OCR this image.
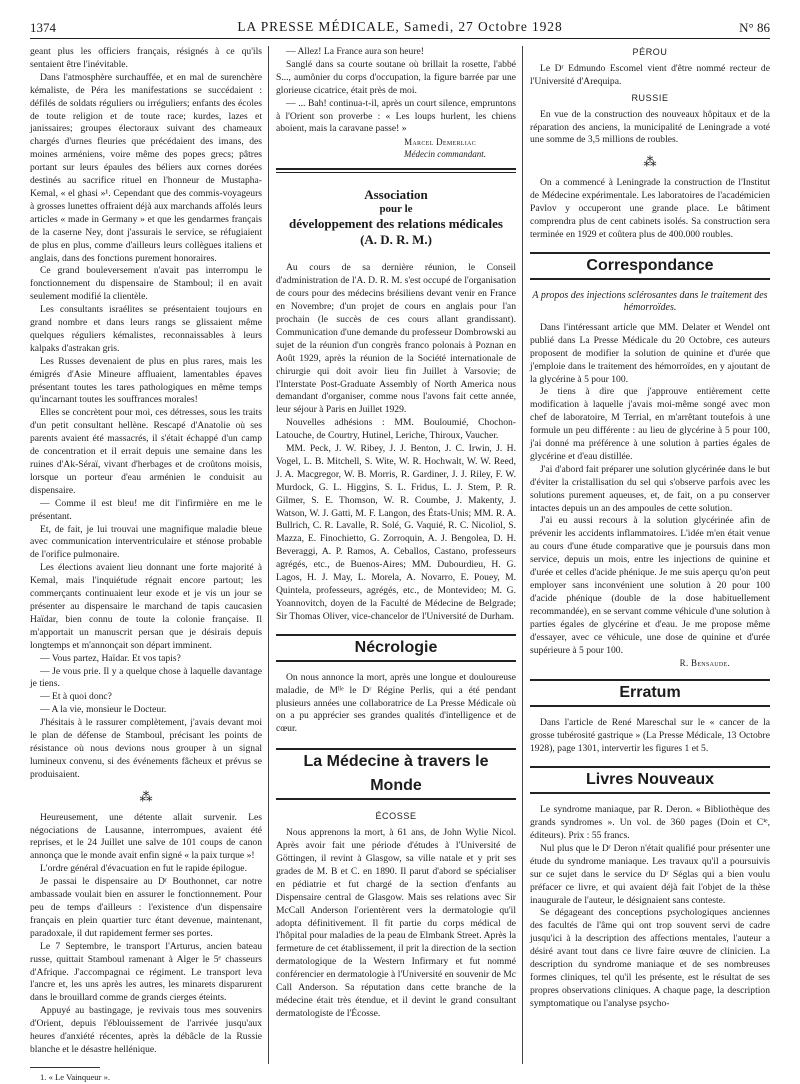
1374	LA PRESSE MÉDICALE, Samedi, 27 Octobre 1928	N° 86

geant plus les officiers français, résignés à ce qu'ils sentaient être l'inévitable.

Dans l'atmosphère surchauffée, et en mal de surenchère kémaliste, de Péra les manifestations se succédaient : défilés de soldats réguliers ou irréguliers; enfants des écoles de toute religion et de toute race; kurdes, lazes et janissaires; groupes électoraux suivant des chameaux chargés d'urnes fleuries que précédaient des imans, des moines arméniens, voire même des popes grecs; pâtres portant sur leurs épaules des béliers aux cornes dorées destinés au sacrifice rituel en l'honneur de Mustapha-Kemal, « el ghasi »¹. Cependant que des commis-voyageurs à grosses lunettes offraient déjà aux marchands affolés leurs articles « made in Germany » et que les gendarmes français de la caserne Ney, dont j'assurais le service, se réfugiaient de plus en plus, comme d'ailleurs leurs collègues italiens et anglais, dans des fonctions purement honoraires.

Ce grand bouleversement n'avait pas interrompu le fonctionnement du dispensaire de Stamboul; il en avait seulement modifié la clientèle.

Les consultants israélites se présentaient toujours en grand nombre et dans leurs rangs se glissaient même quelques réguliers kémalistes, reconnaissables à leurs kalpaks d'astrakan gris.

Les Russes devenaient de plus en plus rares, mais les émigrés d'Asie Mineure affluaient, lamentables épaves présentant toutes les tares pathologiques en même temps qu'incarnant toutes les souffrances morales!

Elles se concrètent pour moi, ces détresses, sous les traits d'un petit consultant hellène. Rescapé d'Anatolie où ses parents avaient été massacrés, il s'était échappé d'un camp de concentration et il errait depuis une semaine dans les ruines d'Ak-Séraï, vivant d'herbages et de croûtons moisis, lorsque un porteur d'eau arménien le conduisit au dispensaire.

— Comme il est bleu! me dit l'infirmière en me le présentant.

Et, de fait, je lui trouvai une magnifique maladie bleue avec communication interventriculaire et sténose probable de l'orifice pulmonaire.

Les élections avaient lieu donnant une forte majorité à Kemal, mais l'inquiétude régnait encore partout; les commerçants continuaient leur exode et je vis un jour se présenter au dispensaire le marchand de tapis caucasien Haïdar, bien connu de toute la colonie française. Il m'apportait un manuscrit persan que je désirais depuis longtemps et m'annonçait son départ imminent.

— Vous partez, Haïdar. Et vos tapis?

— Je vous prie. Il y a quelque chose à laquelle davantage je tiens.

— Et à quoi donc?

— A la vie, monsieur le Docteur.

J'hésitais à le rassurer complètement, j'avais devant moi le plan de défense de Stamboul, précisant les points de résistance où nous devions nous grouper à un signal lumineux convenu, si des événements fâcheux et prévus se produisaient.

⁂

Heureusement, une détente allait survenir. Les négociations de Lausanne, interrompues, avaient été reprises, et le 24 Juillet une salve de 101 coups de canon annonça que le monde avait enfin signé « la paix turque »!

L'ordre général d'évacuation en fut le rapide épilogue.

Je passai le dispensaire au Dʳ Bouthonnet, car notre ambassade voulait bien en assurer le fonctionnement. Pour peu de temps d'ailleurs : l'existence d'un dispensaire français en plein quartier turc étant devenue, maintenant, paradoxale, il dut rapidement fermer ses portes.

Le 7 Septembre, le transport l'Arturus, ancien bateau russe, quittait Stamboul ramenant à Alger le 5ᵉ chasseurs d'Afrique. J'accompagnai ce régiment. Le transport leva l'ancre et, les uns après les autres, les minarets disparurent dans le brouillard comme de grands cierges éteints.

Appuyé au bastingage, je revivais tous mes souvenirs d'Orient, depuis l'éblouissement de l'arrivée jusqu'aux heures d'anxiété récentes, après la débâcle de la Russie blanche et le désastre hellénique.

1. « Le Vainqueur ».

— Allez! La France aura son heure!

Sanglé dans sa courte soutane où brillait la rosette, l'abbé S..., aumônier du corps d'occupation, la figure barrée par une glorieuse cicatrice, était près de moi.

— ... Bah! continua-t-il, après un court silence, empruntons à l'Orient son proverbe : « Les loups hurlent, les chiens aboient, mais la caravane passe! »

Marcel Demerliac
Médecin commandant.
Association
pour le
développement des relations médicales
(A. D. R. M.)

Au cours de sa dernière réunion, le Conseil d'administration de l'A. D. R. M. s'est occupé de l'organisation de cours pour des médecins brésiliens devant venir en France en Novembre; d'un projet de cours en anglais pour l'an prochain (le succès de ces cours allant grandissant). Communication d'une demande du professeur Dombrowski au sujet de la réunion d'un congrès franco polonais à Poznan en Août 1929, après la réunion de la Société internationale de chirurgie qui doit avoir lieu fin Juillet à Varsovie; de l'Interstate Post-Graduate Assembly of North America nous demandant d'organiser, comme nous l'avons fait cette année, leur séjour à Paris en Juillet 1929.

Nouvelles adhésions : MM. Bouloumié, Chochon-Latouche, de Courtry, Hutinel, Leriche, Thiroux, Vaucher.

MM. Peck, J. W. Ribey, J. J. Benton, J. C. Irwin, J. H. Vogel, L. B. Mitchell, S. Wite, W. R. Hochwalt, W. W. Reed, J. A. Macgregor, W. B. Morris, R. Gardiner, J. J. Riley, F. W. Murdock, G. L. Higgins, S. L. Fridus, L. J. Stem, P. R. Gilmer, S. E. Thomson, W. R. Coumbe, J. Makenty, J. Watson, W. J. Gatti, M. F. Langon, des États-Unis; MM. R. A. Bullrich, C. R. Lavalle, R. Solé, G. Vaquié, R. C. Nicoliol, S. Mazza, E. Finochietto, G. Zorroquin, A. J. Bengolea, D. H. Beveraggi, A. P. Ramos, A. Ceballos, Castano, professeurs agrégés, etc., de Buenos-Aires; MM. Dubourdieu, H. G. Lagos, H. J. May, L. Morela, A. Novarro, E. Pouey, M. Quintela, professeurs, agrégés, etc., de Montevideo; M. G. Yoannovitch, doyen de la Faculté de Médecine de Belgrade; Sir Thomas Oliver, vice-chancelor de l'Université de Durham.

Nécrologie

On nous annonce la mort, après une longue et douloureuse maladie, de Mˡˡᵉ le Dʳ Régine Perlis, qui a été pendant plusieurs années une collaboratrice de La Presse Médicale où on a pu apprécier ses grandes qualités d'intelligence et de cœur.

La Médecine à travers le Monde
ÉCOSSE

Nous apprenons la mort, à 61 ans, de John Wylie Nicol. Après avoir fait une période d'études à l'Université de Göttingen, il revint à Glasgow, sa ville natale et y prit ses grades de M. B et C. en 1890. Il parut d'abord se spécialiser en pédiatrie et fut chargé de la section d'enfants au Dispensaire central de Glasgow. Mais ses relations avec Sir McCall Anderson l'orientèrent vers la dermatologie qu'il adopta définitivement. Il fit partie du corps médical de l'hôpital pour maladies de la peau de Elmbank Street. Après la fermeture de cet établissement, il prit la direction de la section dermatologique de la Western Infirmary et fut nommé conférencier en dermatologie à l'Université en souvenir de Mc Call Anderson. Sa réputation dans cette branche de la médecine était très étendue, et il devint le grand consultant dermatologiste de l'Écosse.

PÉROU

Le Dʳ Edmundo Escomel vient d'être nommé recteur de l'Université d'Arequipa.

RUSSIE

En vue de la construction des nouveaux hôpitaux et de la réparation des anciens, la municipalité de Leningrade a voté une somme de 3,5 millions de roubles.

⁂

On a commencé à Leningrade la construction de l'Institut de Médecine expérimentale. Les laboratoires de l'académicien Pavlov y occuperont une grande place. Le bâtiment comprendra plus de cent cabinets isolés. Sa construction sera terminée en 1929 et coûtera plus de 400.000 roubles.

Correspondance
A propos des injections sclérosantes dans le traitement des hémorroïdes.

Dans l'intéressant article que MM. Delater et Wendel ont publié dans La Presse Médicale du 20 Octobre, ces auteurs proposent de modifier la solution de quinine et d'urée que j'emploie dans le traitement des hémorroïdes, en y ajoutant de la glycérine à 5 pour 100.

Je tiens à dire que j'approuve entièrement cette modification à laquelle j'avais moi-même songé avec mon chef de laboratoire, M Terrial, en m'arrêtant toutefois à une formule un peu différente : au lieu de glycérine à 5 pour 100, j'ai donné ma préférence à une solution à parties égales de glycérine et d'eau distillée.

J'ai d'abord fait préparer une solution glycérinée dans le but d'éviter la cristallisation du sel qui s'observe parfois avec les solutions purement aqueuses, et, de fait, on a pu conserver intactes depuis un an des ampoules de cette solution.

J'ai eu aussi recours à la solution glycérinée afin de prévenir les accidents inflammatoires. L'idée m'en était venue au cours d'une étude comparative que je poursuis dans mon service, depuis un mois, entre les injections de quinine et d'urée et celles d'acide phénique. Je me suis aperçu qu'on peut employer sans inconvénient une solution à 20 pour 100 d'acide phénique (double de la dose habituellement recommandée), en se servant comme véhicule d'une solution à parties égales de glycérine et d'eau. Je me propose même d'essayer, avec ce véhicule, une dose de quinine et d'urée supérieure à 5 pour 100.

R. Bensaude.
Erratum

Dans l'article de René Mareschal sur le « cancer de la grosse tubérosité gastrique » (La Presse Médicale, 13 Octobre 1928), page 1301, intervertir les figures 1 et 5.

Livres Nouveaux

Le syndrome maniaque, par R. Deron. « Bibliothèque des grands syndromes ». Un vol. de 360 pages (Doin et Cⁱᵉ, éditeurs). Prix : 55 francs.

Nul plus que le Dʳ Deron n'était qualifié pour présenter une étude du syndrome maniaque. Les travaux qu'il a poursuivis sur ce sujet dans le service du Dʳ Séglas qui a bien voulu préfacer ce livre, et qui avaient déjà fait l'objet de la thèse inaugurale de l'auteur, le désignaient sans conteste.

Se dégageant des conceptions psychologiques anciennes des facultés de l'âme qui ont trop souvent servi de cadre jusqu'ici à la description des affections mentales, l'auteur a désiré avant tout dans ce livre faire œuvre de clinicien. La description du syndrome maniaque et de ses nombreuses formes cliniques, tel qu'il les présente, est le résultat de ses propres observations cliniques. A chaque page, la description symptomatique ou l'analyse psycho-
